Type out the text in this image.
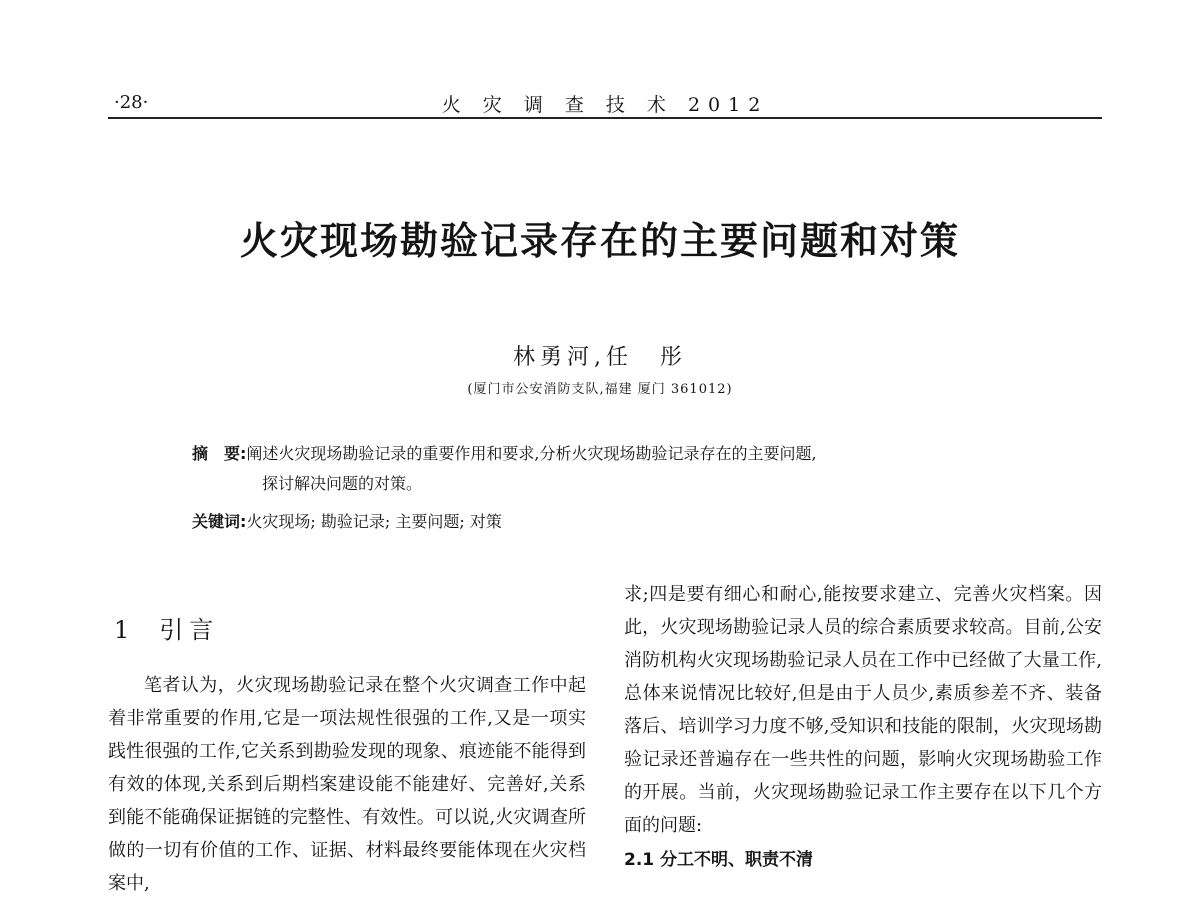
·28·	火 灾 调 查 技 术 2012
火灾现场勘验记录存在的主要问题和对策
林勇河,任　彤
(厦门市公安消防支队,福建 厦门 361012)
摘　要:阐述火灾现场勘验记录的重要作用和要求,分析火灾现场勘验记录存在的主要问题,
探讨解决问题的对策。
关键词:火灾现场; 勘验记录; 主要问题; 对策
1 引言

笔者认为，火灾现场勘验记录在整个火灾调查工作中起着非常重要的作用,它是一项法规性很强的工作,又是一项实践性很强的工作,它关系到勘验发现的现象、痕迹能不能得到有效的体现,关系到后期档案建设能不能建好、完善好,关系到能不能确保证据链的完整性、有效性。可以说,火灾调查所做的一切有价值的工作、证据、材料最终要能体现在火灾档案中,

求;四是要有细心和耐心,能按要求建立、完善火灾档案。因此，火灾现场勘验记录人员的综合素质要求较高。目前,公安消防机构火灾现场勘验记录人员在工作中已经做了大量工作,总体来说情况比较好,但是由于人员少,素质参差不齐、装备落后、培训学习力度不够,受知识和技能的限制，火灾现场勘验记录还普遍存在一些共性的问题，影响火灾现场勘验工作的开展。当前，火灾现场勘验记录工作主要存在以下几个方面的问题:

2.1 分工不明、职责不清
